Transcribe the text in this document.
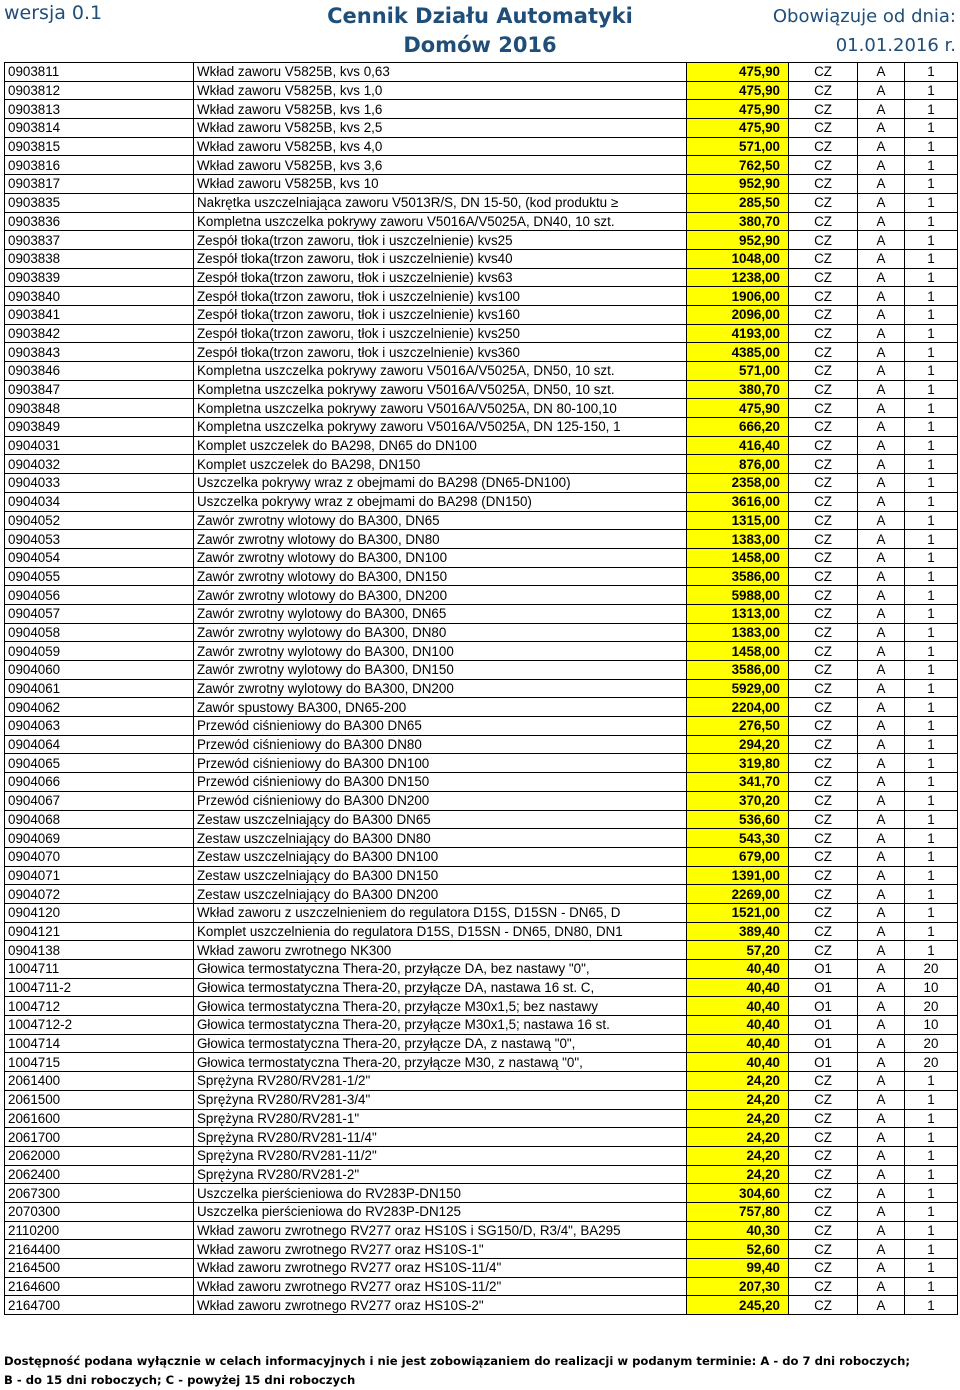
wersja 0.1	Cennik Działu Automatyki Domów 2016
Obowiązuje od dnia:
01.01.2016 r.
0903811	Wkład zaworu V5825B, kvs 0,63	475,90	CZ	A	1
0903812	Wkład zaworu V5825B, kvs 1,0	475,90	CZ	A	1
0903813	Wkład zaworu V5825B, kvs 1,6	475,90	CZ	A	1
0903814	Wkład zaworu V5825B, kvs 2,5	475,90	CZ	A	1
0903815	Wkład zaworu V5825B, kvs 4,0	571,00	CZ	A	1
0903816	Wkład zaworu V5825B, kvs 3,6	762,50	CZ	A	1
0903817	Wkład zaworu V5825B, kvs 10	952,90	CZ	A	1
0903835	Nakrętka uszczelniająca zaworu V5013R/S, DN 15-50, (kod produktu ≥	285,50	CZ	A	1
0903836	Kompletna uszczelka pokrywy zaworu V5016A/V5025A, DN40, 10 szt.	380,70	CZ	A	1
0903837	Zespół tłoka(trzon zaworu, tłok i uszczelnienie) kvs25	952,90	CZ	A	1
0903838	Zespół tłoka(trzon zaworu, tłok i uszczelnienie) kvs40	1048,00	CZ	A	1
0903839	Zespół tłoka(trzon zaworu, tłok i uszczelnienie) kvs63	1238,00	CZ	A	1
0903840	Zespół tłoka(trzon zaworu, tłok i uszczelnienie) kvs100	1906,00	CZ	A	1
0903841	Zespół tłoka(trzon zaworu, tłok i uszczelnienie) kvs160	2096,00	CZ	A	1
0903842	Zespół tłoka(trzon zaworu, tłok i uszczelnienie) kvs250	4193,00	CZ	A	1
0903843	Zespół tłoka(trzon zaworu, tłok i uszczelnienie) kvs360	4385,00	CZ	A	1
0903846	Kompletna uszczelka pokrywy zaworu V5016A/V5025A, DN50, 10 szt.	571,00	CZ	A	1
0903847	Kompletna uszczelka pokrywy zaworu V5016A/V5025A, DN50, 10 szt.	380,70	CZ	A	1
0903848	Kompletna uszczelka pokrywy zaworu V5016A/V5025A, DN 80-100,10	475,90	CZ	A	1
0903849	Kompletna uszczelka pokrywy zaworu V5016A/V5025A, DN 125-150, 1	666,20	CZ	A	1
0904031	Komplet uszczelek do BA298, DN65 do DN100	416,40	CZ	A	1
0904032	Komplet uszczelek do BA298, DN150	876,00	CZ	A	1
0904033	Uszczelka pokrywy wraz z obejmami do BA298 (DN65-DN100)	2358,00	CZ	A	1
0904034	Uszczelka pokrywy wraz z obejmami do BA298 (DN150)	3616,00	CZ	A	1
0904052	Zawór zwrotny wlotowy do BA300, DN65	1315,00	CZ	A	1
0904053	Zawór zwrotny wlotowy do BA300, DN80	1383,00	CZ	A	1
0904054	Zawór zwrotny wlotowy do BA300, DN100	1458,00	CZ	A	1
0904055	Zawór zwrotny wlotowy do BA300, DN150	3586,00	CZ	A	1
0904056	Zawór zwrotny wlotowy do BA300, DN200	5988,00	CZ	A	1
0904057	Zawór zwrotny wylotowy do BA300, DN65	1313,00	CZ	A	1
0904058	Zawór zwrotny wylotowy do BA300, DN80	1383,00	CZ	A	1
0904059	Zawór zwrotny wylotowy do BA300, DN100	1458,00	CZ	A	1
0904060	Zawór zwrotny wylotowy do BA300, DN150	3586,00	CZ	A	1
0904061	Zawór zwrotny wylotowy do BA300, DN200	5929,00	CZ	A	1
0904062	Zawór spustowy BA300, DN65-200	2204,00	CZ	A	1
0904063	Przewód ciśnieniowy do BA300 DN65	276,50	CZ	A	1
0904064	Przewód ciśnieniowy do BA300 DN80	294,20	CZ	A	1
0904065	Przewód ciśnieniowy do BA300 DN100	319,80	CZ	A	1
0904066	Przewód ciśnieniowy do BA300 DN150	341,70	CZ	A	1
0904067	Przewód ciśnieniowy do BA300 DN200	370,20	CZ	A	1
0904068	Zestaw uszczelniający do BA300 DN65	536,60	CZ	A	1
0904069	Zestaw uszczelniający do BA300 DN80	543,30	CZ	A	1
0904070	Zestaw uszczelniający do BA300 DN100	679,00	CZ	A	1
0904071	Zestaw uszczelniający do BA300 DN150	1391,00	CZ	A	1
0904072	Zestaw uszczelniający do BA300 DN200	2269,00	CZ	A	1
0904120	Wkład zaworu z uszczelnieniem do regulatora D15S, D15SN - DN65, D	1521,00	CZ	A	1
0904121	Komplet uszczelnienia do regulatora D15S, D15SN - DN65, DN80, DN1	389,40	CZ	A	1
0904138	Wkład zaworu zwrotnego NK300	57,20	CZ	A	1
1004711	Głowica termostatyczna Thera-20, przyłącze DA, bez nastawy "0",	40,40	O1	A	20
1004711-2	Głowica termostatyczna Thera-20, przyłącze DA, nastawa 16 st. C,	40,40	O1	A	10
1004712	Głowica termostatyczna Thera-20, przyłącze M30x1,5; bez nastawy	40,40	O1	A	20
1004712-2	Głowica termostatyczna Thera-20, przyłącze M30x1,5; nastawa 16 st.	40,40	O1	A	10
1004714	Głowica termostatyczna Thera-20, przyłącze DA, z nastawą "0",	40,40	O1	A	20
1004715	Głowica termostatyczna Thera-20, przyłącze M30, z nastawą "0",	40,40	O1	A	20
2061400	Sprężyna RV280/RV281-1/2"	24,20	CZ	A	1
2061500	Sprężyna RV280/RV281-3/4"	24,20	CZ	A	1
2061600	Sprężyna RV280/RV281-1"	24,20	CZ	A	1
2061700	Sprężyna RV280/RV281-11/4"	24,20	CZ	A	1
2062000	Sprężyna RV280/RV281-11/2"	24,20	CZ	A	1
2062400	Sprężyna RV280/RV281-2"	24,20	CZ	A	1
2067300	Uszczelka pierścieniowa do RV283P-DN150	304,60	CZ	A	1
2070300	Uszczelka pierścieniowa do RV283P-DN125	757,80	CZ	A	1
2110200	Wkład zaworu zwrotnego RV277 oraz HS10S i SG150/D, R3/4", BA295	40,30	CZ	A	1
2164400	Wkład zaworu zwrotnego RV277 oraz HS10S-1"	52,60	CZ	A	1
2164500	Wkład zaworu zwrotnego RV277 oraz HS10S-11/4"	99,40	CZ	A	1
2164600	Wkład zaworu zwrotnego RV277 oraz HS10S-11/2"	207,30	CZ	A	1
2164700	Wkład zaworu zwrotnego RV277 oraz HS10S-2"	245,20	CZ	A	1
Dostępność podana wyłącznie w celach informacyjnych i nie jest zobowiązaniem do realizacji w podanym terminie: A - do 7 dni roboczych;
B - do 15 dni roboczych; C - powyżej 15 dni roboczych
